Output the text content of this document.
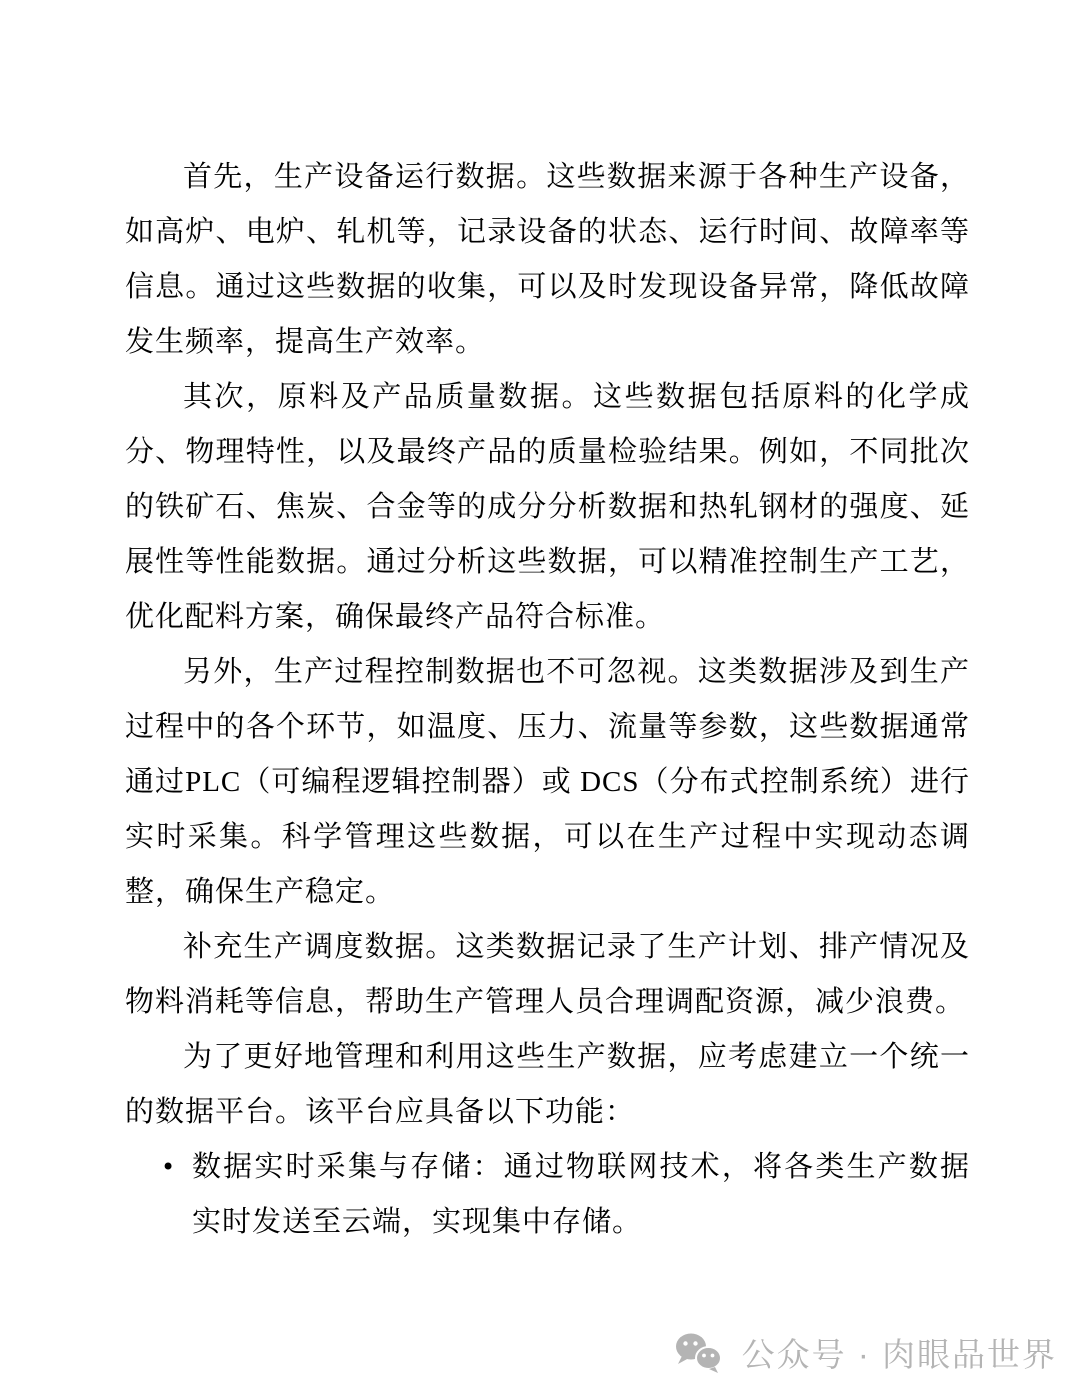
首先，生产设备运行数据。这些数据来源于各种生产设备，如高炉、电炉、轧机等，记录设备的状态、运行时间、故障率等信息。通过这些数据的收集，可以及时发现设备异常，降低故障发生频率，提高生产效率。

其次，原料及产品质量数据。这些数据包括原料的化学成分、物理特性，以及最终产品的质量检验结果。例如，不同批次的铁矿石、焦炭、合金等的成分分析数据和热轧钢材的强度、延展性等性能数据。通过分析这些数据，可以精准控制生产工艺，优化配料方案，确保最终产品符合标准。

另外，生产过程控制数据也不可忽视。这类数据涉及到生产过程中的各个环节，如温度、压力、流量等参数，这些数据通常通过PLC（可编程逻辑控制器）或 DCS（分布式控制系统）进行实时采集。科学管理这些数据，可以在生产过程中实现动态调整，确保生产稳定。

补充生产调度数据。这类数据记录了生产计划、排产情况及物料消耗等信息，帮助生产管理人员合理调配资源，减少浪费。

为了更好地管理和利用这些生产数据，应考虑建立一个统一的数据平台。该平台应具备以下功能：

• 数据实时采集与存储：通过物联网技术，将各类生产数据实时发送至云端，实现集中存储。
公众号 · 肉眼品世界
